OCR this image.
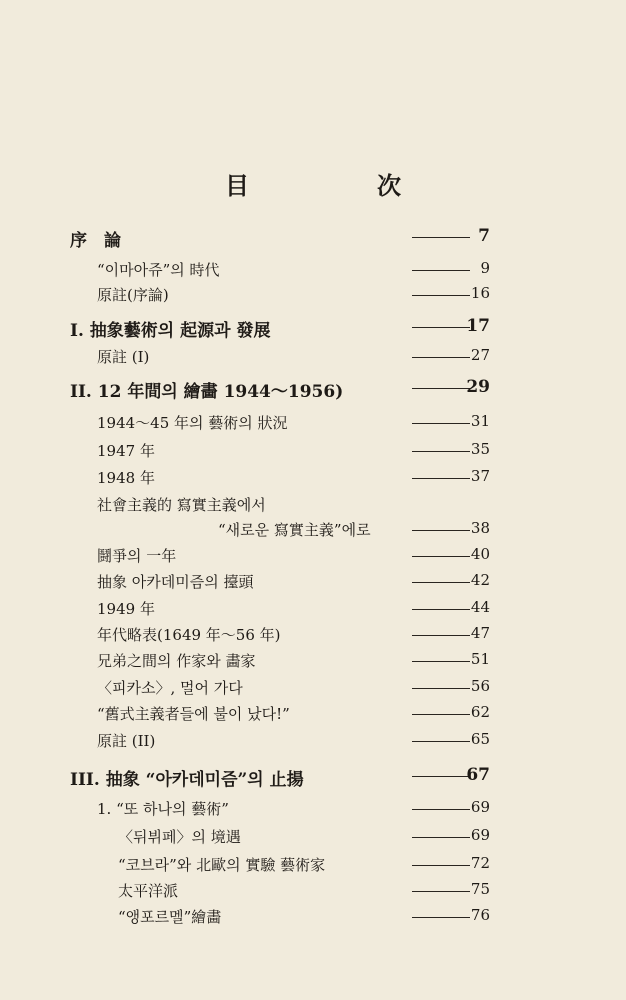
目　次
序　論	7
“이마아쥬”의 時代	9
原註(序論)	16
I. 抽象藝術의 起源과 發展	17
原註 (I)	27
II. 12 年間의 繪畵 1944～1956)	29
1944～45 年의 藝術의 狀況	31
1947 年	35
1948 年	37
社會主義的 寫實主義에서
“새로운 寫實主義”에로	38
鬪爭의 一年	40
抽象 아카데미즘의 擡頭	42
1949 年	44
年代略表(1649 年～56 年)	47
兄弟之間의 作家와 畵家	51
〈피카소〉, 멀어 가다	56
“舊式主義者들에 불이 났다!”	62
原註 (II)	65
III. 抽象 “아카데미즘”의 止揚	67
1. “또 하나의 藝術”	69
〈뒤뷔페〉의 境遇	69
“코브라”와 北歐의 實驗 藝術家	72
太平洋派	75
“앵포르멜”繪畵	76
